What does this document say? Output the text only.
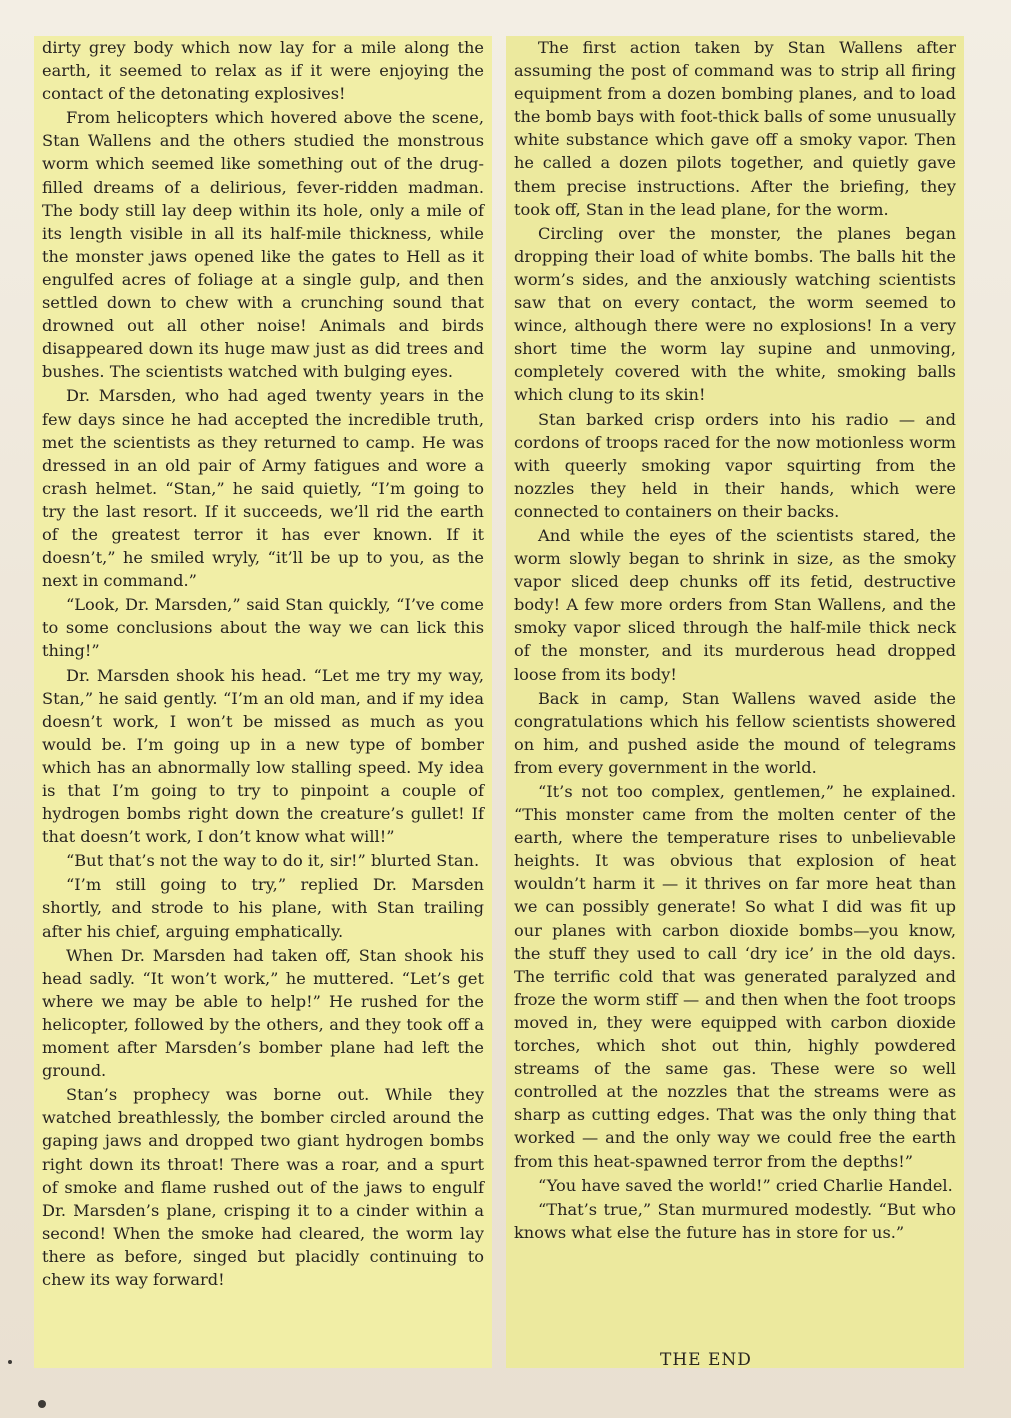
dirty grey body which now lay for a mile along the earth, it seemed to relax as if it were enjoying the contact of the detonating explosives!

From helicopters which hovered above the scene, Stan Wallens and the others studied the monstrous worm which seemed like something out of the drug-filled dreams of a delirious, fever-ridden madman. The body still lay deep within its hole, only a mile of its length visible in all its half-mile thickness, while the monster jaws opened like the gates to Hell as it engulfed acres of foliage at a single gulp, and then settled down to chew with a crunching sound that drowned out all other noise! Animals and birds disappeared down its huge maw just as did trees and bushes. The scientists watched with bulging eyes.

Dr. Marsden, who had aged twenty years in the few days since he had accepted the incredible truth, met the scientists as they returned to camp. He was dressed in an old pair of Army fatigues and wore a crash helmet. “Stan,” he said quietly, “I’m going to try the last resort. If it succeeds, we’ll rid the earth of the greatest terror it has ever known. If it doesn’t,” he smiled wryly, “it’ll be up to you, as the next in command.”

“Look, Dr. Marsden,” said Stan quickly, “I’ve come to some conclusions about the way we can lick this thing!”

Dr. Marsden shook his head. “Let me try my way, Stan,” he said gently. “I’m an old man, and if my idea doesn’t work, I won’t be missed as much as you would be. I’m going up in a new type of bomber which has an abnormally low stalling speed. My idea is that I’m going to try to pinpoint a couple of hydrogen bombs right down the creature’s gullet! If that doesn’t work, I don’t know what will!”

“But that’s not the way to do it, sir!” blurted Stan.

“I’m still going to try,” replied Dr. Marsden shortly, and strode to his plane, with Stan trailing after his chief, arguing emphatically.

When Dr. Marsden had taken off, Stan shook his head sadly. “It won’t work,” he muttered. “Let’s get where we may be able to help!” He rushed for the helicopter, followed by the others, and they took off a moment after Marsden’s bomber plane had left the ground.

Stan’s prophecy was borne out. While they watched breathlessly, the bomber circled around the gaping jaws and dropped two giant hydrogen bombs right down its throat! There was a roar, and a spurt of smoke and flame rushed out of the jaws to engulf Dr. Marsden’s plane, crisping it to a cinder within a second! When the smoke had cleared, the worm lay there as before, singed but placidly continuing to chew its way forward!

The first action taken by Stan Wallens after assuming the post of command was to strip all firing equipment from a dozen bombing planes, and to load the bomb bays with foot-thick balls of some unusually white substance which gave off a smoky vapor. Then he called a dozen pilots together, and quietly gave them precise instructions. After the briefing, they took off, Stan in the lead plane, for the worm.

Circling over the monster, the planes began dropping their load of white bombs. The balls hit the worm’s sides, and the anxiously watching scientists saw that on every contact, the worm seemed to wince, although there were no explosions! In a very short time the worm lay supine and unmoving, completely covered with the white, smoking balls which clung to its skin!

Stan barked crisp orders into his radio — and cordons of troops raced for the now motionless worm with queerly smoking vapor squirting from the nozzles they held in their hands, which were connected to containers on their backs.

And while the eyes of the scientists stared, the worm slowly began to shrink in size, as the smoky vapor sliced deep chunks off its fetid, destructive body! A few more orders from Stan Wallens, and the smoky vapor sliced through the half-mile thick neck of the monster, and its murderous head dropped loose from its body!

Back in camp, Stan Wallens waved aside the congratulations which his fellow scientists showered on him, and pushed aside the mound of telegrams from every government in the world.

“It’s not too complex, gentlemen,” he explained. “This monster came from the molten center of the earth, where the temperature rises to unbelievable heights. It was obvious that explosion of heat wouldn’t harm it — it thrives on far more heat than we can possibly generate! So what I did was fit up our planes with carbon dioxide bombs—you know, the stuff they used to call ‘dry ice’ in the old days. The terrific cold that was generated paralyzed and froze the worm stiff — and then when the foot troops moved in, they were equipped with carbon dioxide torches, which shot out thin, highly powdered streams of the same gas. These were so well controlled at the nozzles that the streams were as sharp as cutting edges. That was the only thing that worked — and the only way we could free the earth from this heat-spawned terror from the depths!”

“You have saved the world!” cried Charlie Handel.

“That’s true,” Stan murmured modestly. “But who knows what else the future has in store for us.”

THE END
